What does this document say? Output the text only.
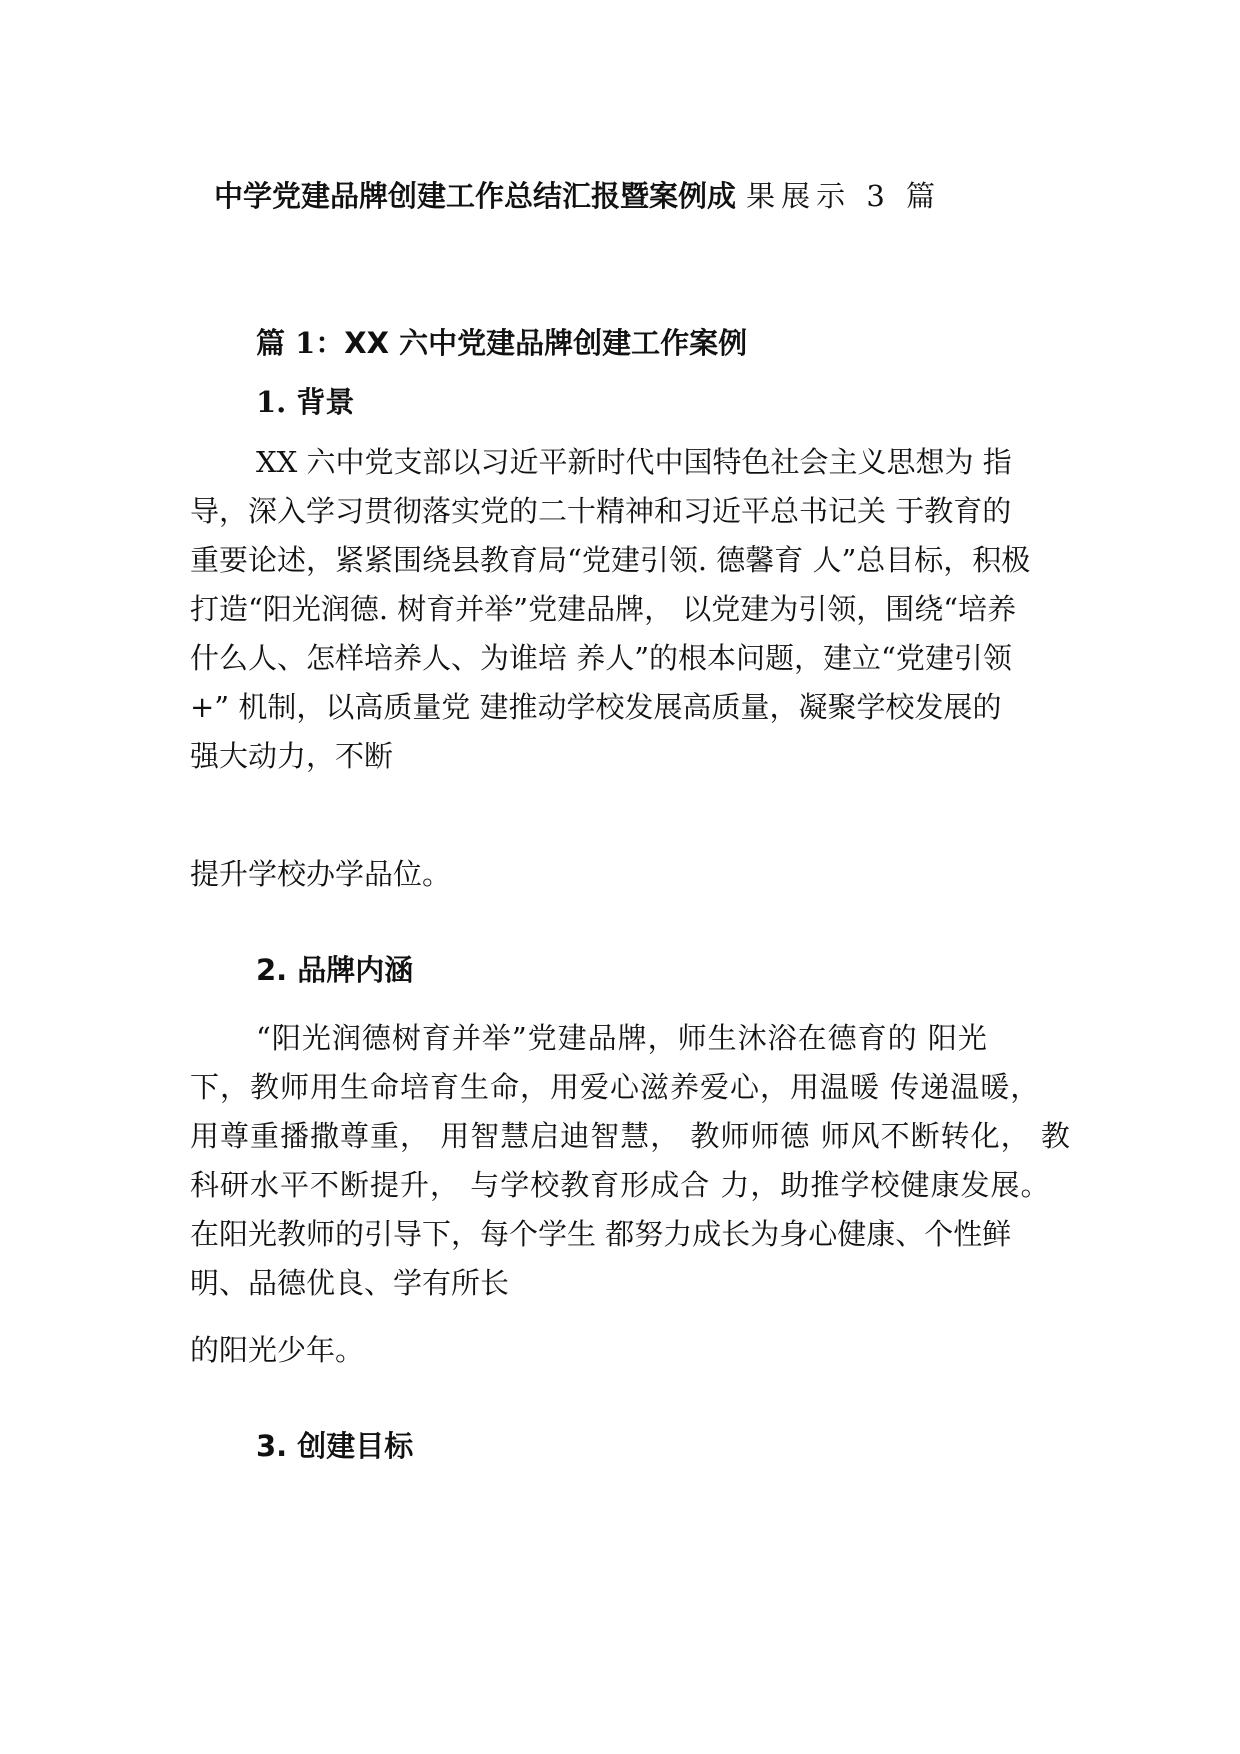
中学党建品牌创建工作总结汇报暨案例成 果展示 3 篇
篇 1：XX 六中党建品牌创建工作案例
1. 背景
XX 六中党支部以习近平新时代中国特色社会主义思想为 指
导，深入学习贯彻落实党的二十精神和习近平总书记关 于教育的
重要论述，紧紧围绕县教育局“党建引领. 德馨育 人”总目标，积极
打造“阳光润德. 树育并举”党建品牌， 以党建为引领，围绕“培养
什么人、怎样培养人、为谁培 养人”的根本问题，建立“党建引领
+” 机制，以高质量党 建推动学校发展高质量，凝聚学校发展的
强大动力，不断

提升学校办学品位。

2. 品牌内涵
“阳光润德树育并举”党建品牌，师生沐浴在德育的 阳光
下，教师用生命培育生命，用爱心滋养爱心，用温暖 传递温暖，
用尊重播撒尊重， 用智慧启迪智慧， 教师师德 师风不断转化， 教
科研水平不断提升， 与学校教育形成合 力，助推学校健康发展。
在阳光教师的引导下，每个学生 都努力成长为身心健康、个性鲜
明、品德优良、学有所长

的阳光少年。

3. 创建目标
